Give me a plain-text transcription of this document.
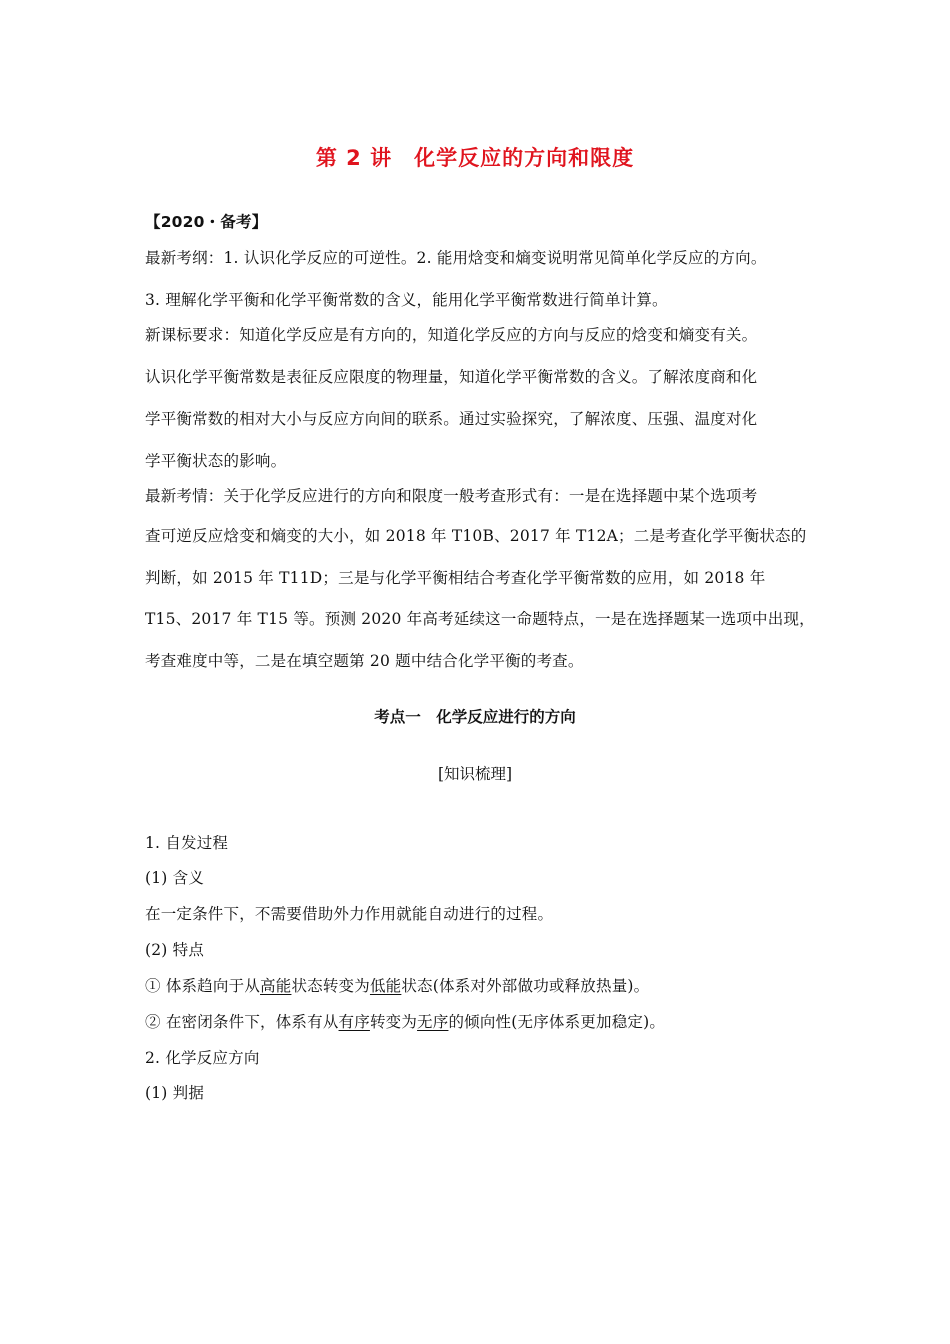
第 2 讲　化学反应的方向和限度
【2020・备考】
最新考纲：1. 认识化学反应的可逆性。2. 能用焓变和熵变说明常见简单化学反应的方向。
3. 理解化学平衡和化学平衡常数的含义，能用化学平衡常数进行简单计算。
新课标要求：知道化学反应是有方向的，知道化学反应的方向与反应的焓变和熵变有关。
认识化学平衡常数是表征反应限度的物理量，知道化学平衡常数的含义。了解浓度商和化
学平衡常数的相对大小与反应方向间的联系。通过实验探究，了解浓度、压强、温度对化
学平衡状态的影响。
最新考情：关于化学反应进行的方向和限度一般考查形式有：一是在选择题中某个选项考
查可逆反应焓变和熵变的大小，如 2018 年 T10B、2017 年 T12A；二是考查化学平衡状态的
判断，如 2015 年 T11D；三是与化学平衡相结合考查化学平衡常数的应用，如 2018 年
T15、2017 年 T15 等。预测 2020 年高考延续这一命题特点，一是在选择题某一选项中出现，
考查难度中等，二是在填空题第 20 题中结合化学平衡的考查。
考点一　化学反应进行的方向
[知识梳理]
1. 自发过程
(1) 含义
在一定条件下，不需要借助外力作用就能自动进行的过程。
(2) 特点
① 体系趋向于从高能状态转变为低能状态(体系对外部做功或释放热量)。
② 在密闭条件下，体系有从有序转变为无序的倾向性(无序体系更加稳定)。
2. 化学反应方向
(1) 判据
